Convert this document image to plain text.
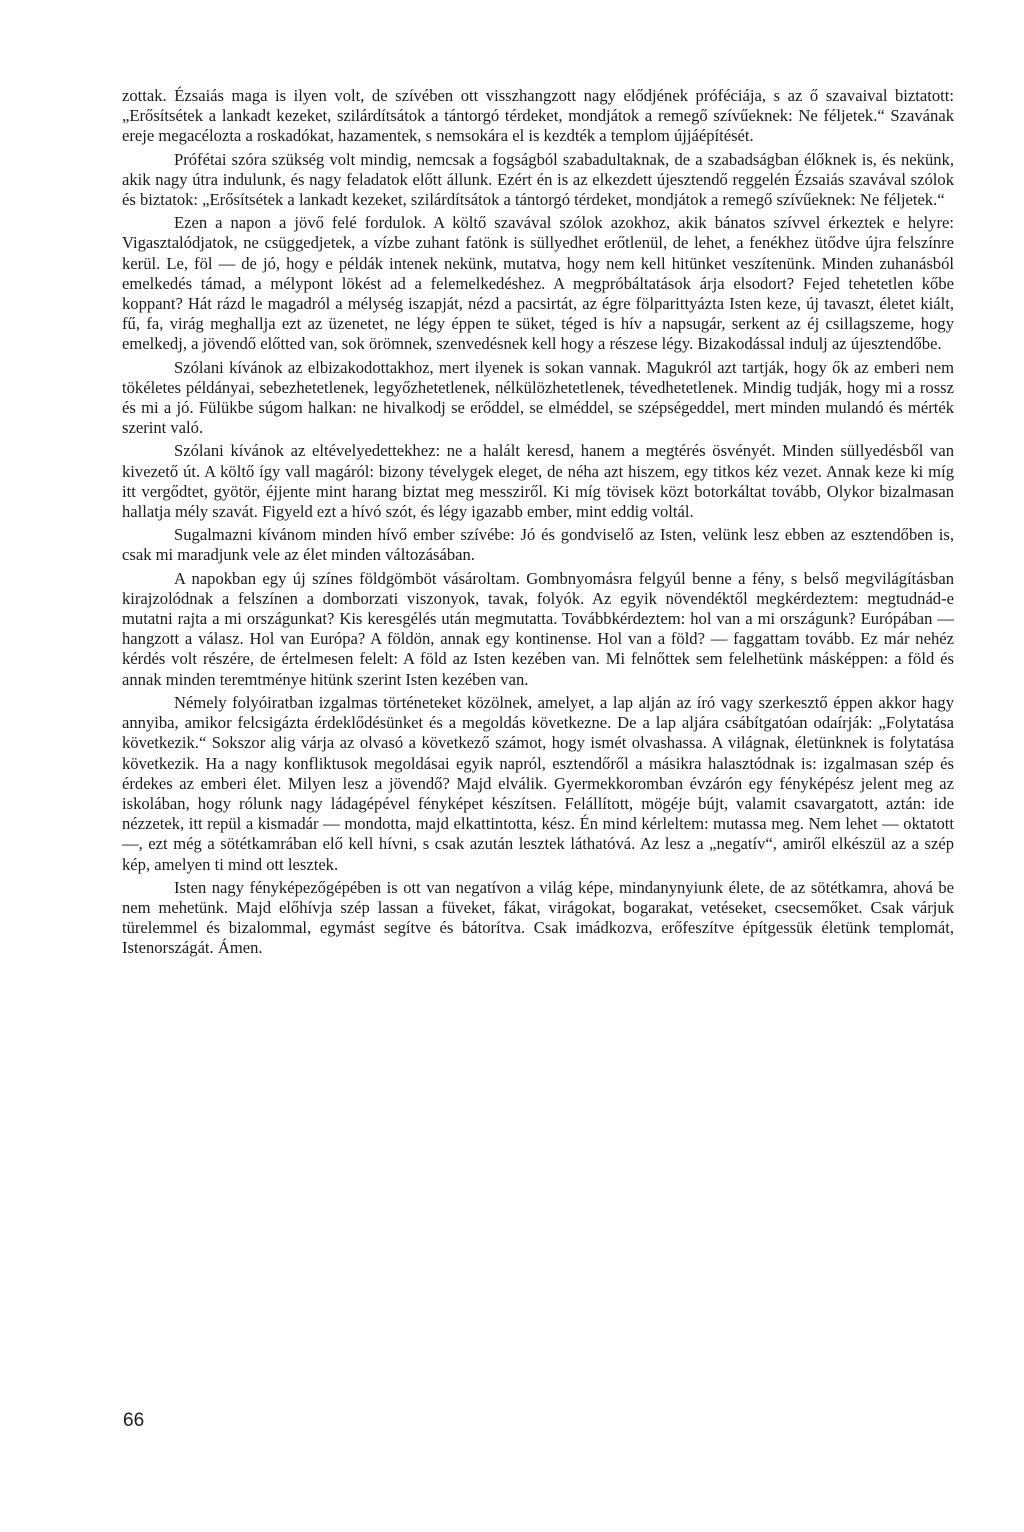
zottak. Ézsaiás maga is ilyen volt, de szívében ott visszhangzott nagy elődjének próféciája, s az ő szavaival biztatott: „Erősítsétek a lankadt kezeket, szilárdítsátok a tántorgó térdeket, mondjátok a remegő szívűeknek: Ne féljetek.“ Szavának ereje megacélozta a roskadókat, hazamentek, s nemsokára el is kezdték a templom újjáépítését.

Prófétai szóra szükség volt mindig, nemcsak a fogságból szabadultaknak, de a szabadságban élőknek is, és nekünk, akik nagy útra indulunk, és nagy feladatok előtt állunk. Ezért én is az elkezdett újesztendő reggelén Ézsaiás szavával szólok és biztatok: „Erősítsétek a lankadt kezeket, szilárdítsátok a tántorgó térdeket, mondjátok a remegő szívűeknek: Ne féljetek.“

Ezen a napon a jövő felé fordulok. A költő szavával szólok azokhoz, akik bánatos szívvel érkeztek e helyre: Vigasztalódjatok, ne csüggedjetek, a vízbe zuhant fatönk is süllyedhet erőtlenül, de lehet, a fenékhez ütődve újra felszínre kerül. Le, föl — de jó, hogy e példák intenek nekünk, mutatva, hogy nem kell hitünket veszítenünk. Minden zuhanásból emelkedés támad, a mélypont lökést ad a felemelkedéshez. A megpróbáltatások árja elsodort? Fejed tehetetlen kőbe koppant? Hát rázd le magadról a mélység iszapját, nézd a pacsirtát, az égre fölparittyázta Isten keze, új tavaszt, életet kiált, fű, fa, virág meghallja ezt az üzenetet, ne légy éppen te süket, téged is hív a napsugár, serkent az éj csillagszeme, hogy emelkedj, a jövendő előtted van, sok örömnek, szenvedésnek kell hogy a részese légy. Bizakodással indulj az újesztendőbe.

Szólani kívánok az elbizakodottakhoz, mert ilyenek is sokan vannak. Magukról azt tartják, hogy ők az emberi nem tökéletes példányai, sebezhetetlenek, legyőzhetetlenek, nélkülözhetetlenek, tévedhetetlenek. Mindig tudják, hogy mi a rossz és mi a jó. Fülükbe súgom halkan: ne hivalkodj se erőddel, se elméddel, se szépségeddel, mert minden mulandó és mérték szerint való.

Szólani kívánok az eltévelyedettekhez: ne a halált keresd, hanem a megtérés ösvényét. Minden süllyedésből van kivezető út. A költő így vall magáról: bizony tévelygek eleget, de néha azt hiszem, egy titkos kéz vezet. Annak keze ki míg itt vergődtet, gyötör, éjjente mint harang biztat meg messziről. Ki míg tövisek közt botorkáltat tovább, Olykor bizalmasan hallatja mély szavát. Figyeld ezt a hívó szót, és légy igazabb ember, mint eddig voltál.

Sugalmazni kívánom minden hívő ember szívébe: Jó és gondviselő az Isten, velünk lesz ebben az esztendőben is, csak mi maradjunk vele az élet minden változásában.

A napokban egy új színes földgömböt vásároltam. Gombnyomásra felgyúl benne a fény, s belső megvilágításban kirajzolódnak a felszínen a domborzati viszonyok, tavak, folyók. Az egyik növendéktől megkérdeztem: megtudnád-e mutatni rajta a mi országunkat? Kis keresgélés után megmutatta. Továbbkérdeztem: hol van a mi országunk? Európában — hangzott a válasz. Hol van Európa? A földön, annak egy kontinense. Hol van a föld? — faggattam tovább. Ez már nehéz kérdés volt részére, de értelmesen felelt: A föld az Isten kezében van. Mi felnőttek sem felelhetünk másképpen: a föld és annak minden teremtménye hitünk szerint Isten kezében van.

Némely folyóiratban izgalmas történeteket közölnek, amelyet, a lap alján az író vagy szerkesztő éppen akkor hagy annyiba, amikor felcsigázta érdeklődésünket és a megoldás következne. De a lap aljára csábítgatóan odaírják: „Folytatása következik.“ Sokszor alig várja az olvasó a következő számot, hogy ismét olvashassa. A világnak, életünknek is folytatása következik. Ha a nagy konfliktusok megoldásai egyik napról, esztendőről a másikra halasztódnak is: izgalmasan szép és érdekes az emberi élet. Milyen lesz a jövendő? Majd elválik. Gyermekkoromban évzárón egy fényképész jelent meg az iskolában, hogy rólunk nagy ládagépével fényképet készítsen. Felállított, mögéje bújt, valamit csavargatott, aztán: ide nézzetek, itt repül a kismadár — mondotta, majd elkattintotta, kész. Én mind kérleltem: mutassa meg. Nem lehet — oktatott —, ezt még a sötétkamrában elő kell hívni, s csak azután lesztek láthatóvá. Az lesz a „negatív“, amiről elkészül az a szép kép, amelyen ti mind ott lesztek.

Isten nagy fényképezőgépében is ott van negatívon a világ képe, mindanynyiunk élete, de az sötétkamra, ahová be nem mehetünk. Majd előhívja szép lassan a füveket, fákat, virágokat, bogarakat, vetéseket, csecsemőket. Csak várjuk türelemmel és bizalommal, egymást segítve és bátorítva. Csak imádkozva, erőfeszítve építgessük életünk templomát, Istenországát. Ámen.

66
